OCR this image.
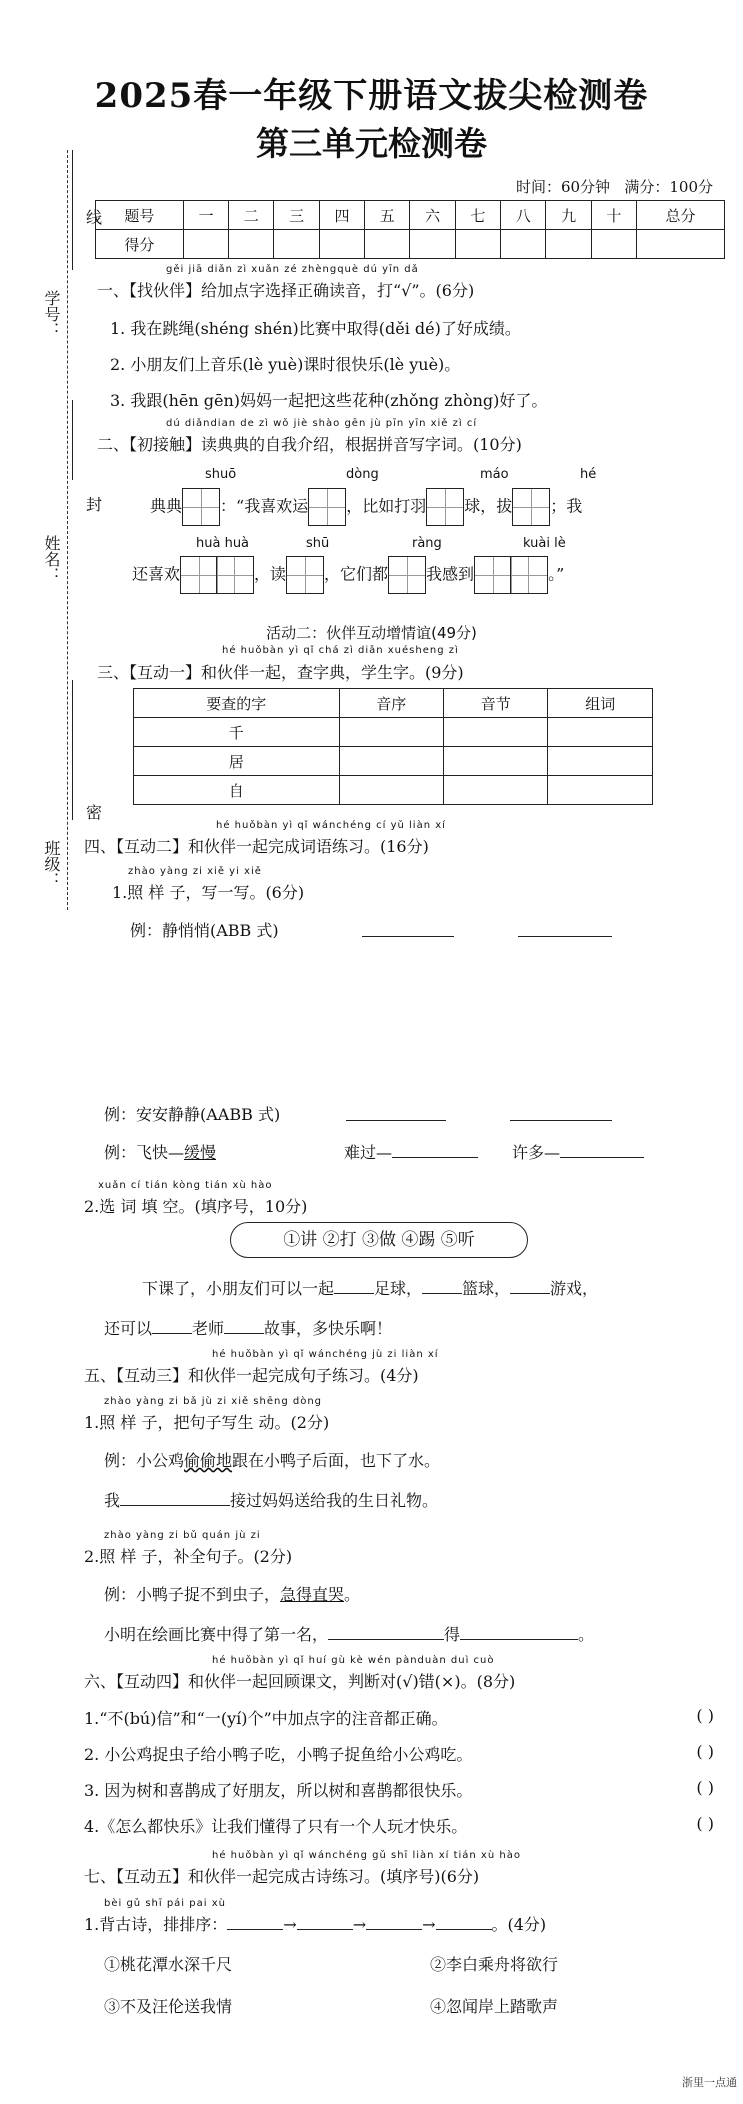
2025春一年级下册语文拔尖检测卷
第三单元检测卷
时间：60分钟 满分：100分
学号：
姓名：
班级：
线
封
密
题号	一	二	三	四	五	六	七	八	九	十	总分
得分											
gěi jiā diǎn zì xuǎn zé zhèngquè dú yīn dǎ
一、【找伙伴】给加点字选择正确读音，打“√”。(6分)
1. 我在跳绳(shéng shén)比赛中取得(děi dé)了好成绩。
2. 小朋友们上音乐(lè yuè)课时很快乐(lè yuè)。
3. 我跟(hēn gēn)妈妈一起把这些花种(zhǒng zhòng)好了。
dú diǎndian de zì wǒ jiè shào gēn jù pīn yīn xiě zì cí
二、【初接触】读典典的自我介绍，根据拼音写字词。(10分)
shuō	dòng	máo	hé
典典 ：“我喜欢运 ，比如打羽 球，拔 ；我
huà huà	shū	ràng	kuài lè
还喜欢	，读 ，它们都 我感到	。”
活动二：伙伴互动增情谊(49分)
hé huǒbàn yì qǐ chá zì diǎn xuésheng zì
三、【互动一】和伙伴一起，查字典，学生字。(9分)
要查的字	音序	音节	组词
千			
居			
自			
hé huǒbàn yì qǐ wánchéng cí yǔ liàn xí
四、【互动二】和伙伴一起完成词语练习。(16分)
zhào yàng zi xiě yi xiě
1.照 样 子，写一写。(6分)
例：静悄悄(ABB 式)
例：安安静静(AABB 式)
例：飞快—缓慢	难过—	许多—
xuǎn cí tián kòng tián xù hào
2.选 词 填 空。(填序号，10分)
①讲 ②打 ③做 ④踢 ⑤听
下课了，小朋友们可以一起	足球，	篮球，	游戏，
还可以	老师	故事，多快乐啊！
hé huǒbàn yì qǐ wánchéng jù zi liàn xí
五、【互动三】和伙伴一起完成句子练习。(4分)
zhào yàng zi bǎ jù zi xiě shēng dòng
1.照 样 子，把句子写生 动。(2分)
例：小公鸡偷偷地跟在小鸭子后面，也下了水。
我	接过妈妈送给我的生日礼物。
zhào yàng zi bǔ quán jù zi
2.照 样 子，补全句子。(2分)
例：小鸭子捉不到虫子，急得直哭。
小明在绘画比赛中得了第一名，	得	。
hé huǒbàn yì qǐ huí gù kè wén pànduàn duì cuò
六、【互动四】和伙伴一起回顾课文，判断对(√)错(×)。(8分)
1.“不(bú)信”和“一(yí)个”中加点字的注音都正确。	( )
2. 小公鸡捉虫子给小鸭子吃，小鸭子捉鱼给小公鸡吃。	( )
3. 因为树和喜鹊成了好朋友，所以树和喜鹊都很快乐。	( )
4.《怎么都快乐》让我们懂得了只有一个人玩才快乐。	( )
hé huǒbàn yì qǐ wánchéng gǔ shī liàn xí tián xù hào
七、【互动五】和伙伴一起完成古诗练习。(填序号)(6分)
bèi gǔ shī pái pai xù
1.背古诗，排排序：	→	→	→	。(4分)
①桃花潭水深千尺	②李白乘舟将欲行
③不及汪伦送我情	④忽闻岸上踏歌声
浙里一点通
